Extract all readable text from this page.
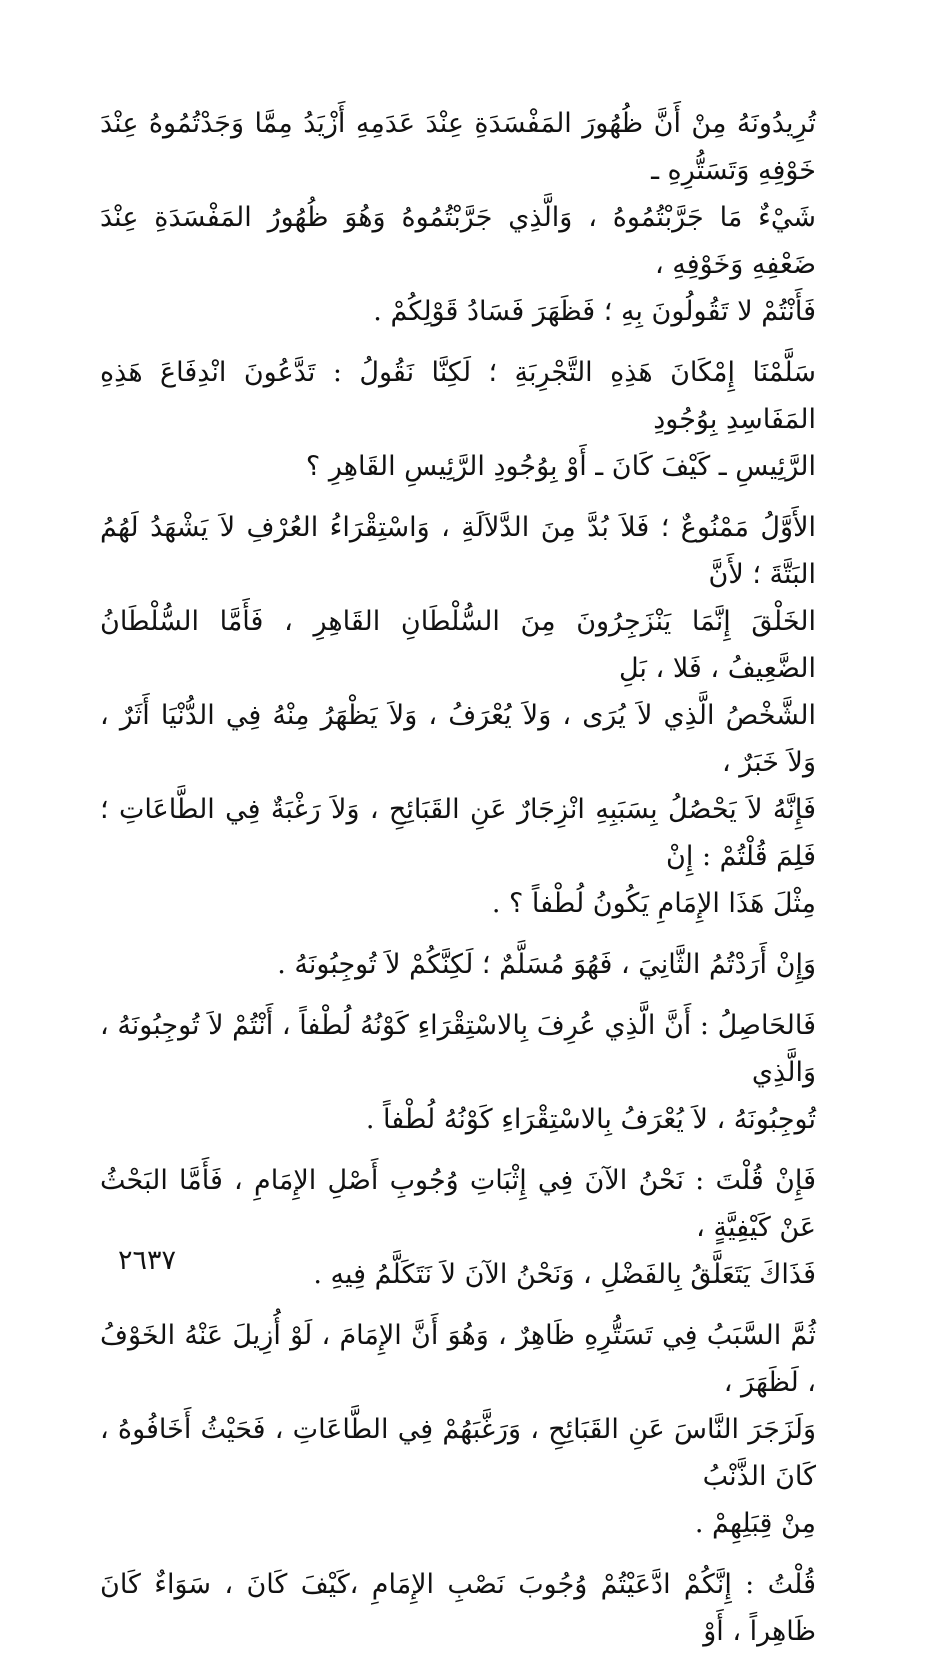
تُرِيدُونَهُ مِنْ أَنَّ ظُهُورَ المَفْسَدَةِ عِنْدَ عَدَمِهِ أَزْيَدُ مِمَّا وَجَدْتُمُوهُ عِنْدَ خَوْفِهِ وَتَسَتُّرِهِ ـ
شَيْءٌ مَا جَرَّبْتُمُوهُ ، وَالَّذِي جَرَّبْتُمُوهُ وَهُوَ ظُهُورُ المَفْسَدَةِ عِنْدَ ضَعْفِهِ وَخَوْفِهِ ،
فَأَنْتُمْ لا تَقُولُونَ بِهِ ؛ فَظَهَرَ فَسَادُ قَوْلِكُمْ .

سَلَّمْنَا إِمْكَانَ هَذِهِ التَّجْرِبَةِ ؛ لَكِنَّا نَقُولُ : تَدَّعُونَ انْدِفَاعَ هَذِهِ المَفَاسِدِ بِوُجُودِ
الرَّئِيسِ ـ كَيْفَ كَانَ ـ أَوْ بِوُجُودِ الرَّئِيسِ القَاهِرِ ؟

الأَوَّلُ مَمْنُوعٌ ؛ فَلاَ بُدَّ مِنَ الدَّلاَلَةِ ، وَاسْتِقْرَاءُ العُرْفِ لاَ يَشْهَدُ لَهُمُ البَتَّةَ ؛ لأَنَّ
الخَلْقَ إِنَّمَا يَنْزَجِرُونَ مِنَ السُّلْطَانِ القَاهِرِ ، فَأَمَّا السُّلْطَانُ الضَّعِيفُ ، فَلا ، بَلِ
الشَّخْصُ الَّذِي لاَ يُرَى ، وَلاَ يُعْرَفُ ، وَلاَ يَظْهَرُ مِنْهُ فِي الدُّنْيَا أَثَرٌ ، وَلاَ خَبَرٌ ،
فَإِنَّهُ لاَ يَحْصُلُ بِسَبَبِهِ انْزِجَارٌ عَنِ القَبَائِحِ ، وَلاَ رَغْبَةٌ فِي الطَّاعَاتِ ؛ فَلِمَ قُلْتُمْ : إِنْ
مِثْلَ هَذَا الإِمَامِ يَكُونُ لُطْفاً ؟ .

وَإِنْ أَرَدْتُمُ الثَّانِيَ ، فَهُوَ مُسَلَّمٌ ؛ لَكِنَّكُمْ لاَ تُوجِبُونَهُ .

فَالحَاصِلُ : أَنَّ الَّذِي عُرِفَ بِالاسْتِقْرَاءِ كَوْنُهُ لُطْفاً ، أَنْتُمْ لاَ تُوجِبُونَهُ ، وَالَّذِي
تُوجِبُونَهُ ، لاَ يُعْرَفُ بِالاسْتِقْرَاءِ كَوْنُهُ لُطْفاً .

فَإِنْ قُلْتَ : نَحْنُ الآنَ فِي إِثْبَاتِ وُجُوبِ أَصْلِ الإِمَامِ ، فَأَمَّا البَحْثُ عَنْ كَيْفِيَّةٍ ،
فَذَاكَ يَتَعَلَّقُ بِالفَضْلِ ، وَنَحْنُ الآنَ لاَ نَتَكَلَّمُ فِيهِ .

ثُمَّ السَّبَبُ فِي تَسَتُّرِهِ ظَاهِرٌ ، وَهُوَ أَنَّ الإِمَامَ ، لَوْ أُزِيلَ عَنْهُ الخَوْفُ ، لَظَهَرَ ،
وَلَزَجَرَ النَّاسَ عَنِ القَبَائِحِ ، وَرَغَّبَهُمْ فِي الطَّاعَاتِ ، فَحَيْثُ أَخَافُوهُ ، كَانَ الذَّنْبُ
مِنْ قِبَلِهِمْ .

قُلْتُ : إِنَّكُمْ ادَّعَيْتُمْ وُجُوبَ نَصْبِ الإِمَامِ ،كَيْفَ كَانَ ، سَوَاءٌ كَانَ ظَاهِراً ، أَوْ

٢٦٣٧
